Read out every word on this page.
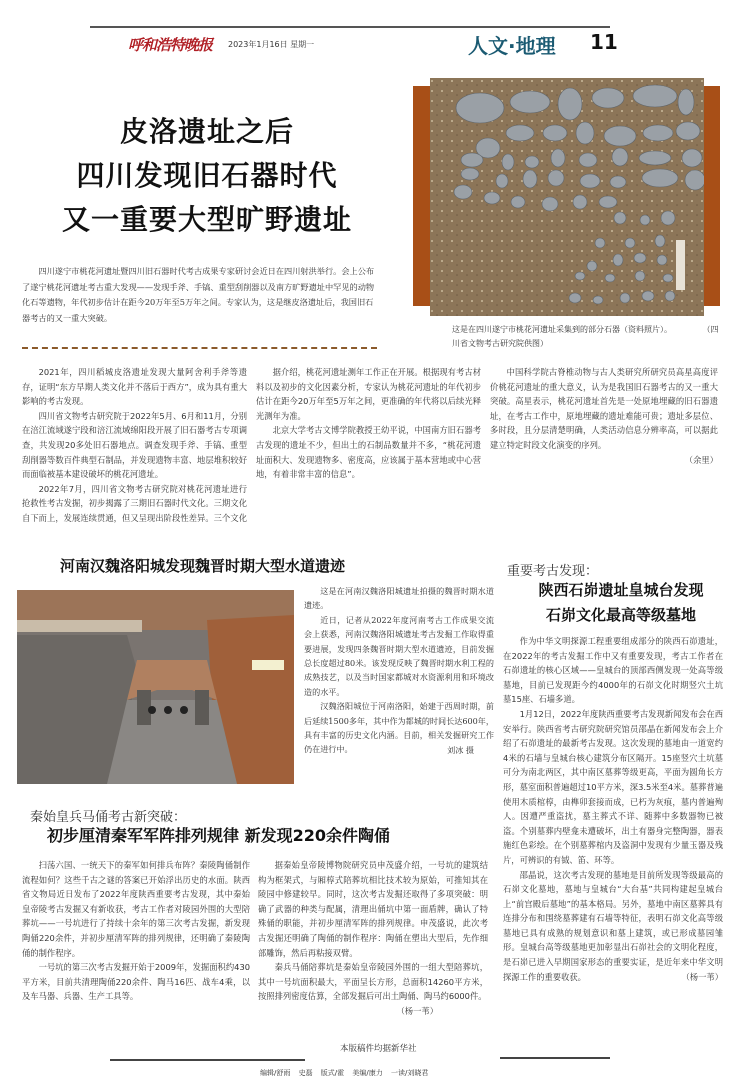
呼和浩特晚报 2023年1月16日 星期一	人文·地理 11
皮洛遗址之后
四川发现旧石器时代
又一重要大型旷野遗址
四川遂宁市桃花河遗址暨四川旧石器时代考古成果专家研讨会近日在四川射洪举行。会上公布了遂宁桃花河遗址考古重大发现——发现手斧、手镐、重型刮削器以及南方旷野遗址中罕见的动物化石等遗物，年代初步估计在距今20万年至5万年之间。专家认为，这是继皮洛遗址后，我国旧石器考古的又一重大突破。
这是在四川遂宁市桃花河遗址采集到的部分石器（资料照片）。	（四川省文物考古研究院供图）

2021年，四川稻城皮洛遗址发现大量阿舍利手斧等遗存，证明“东方早期人类文化并不落后于西方”，成为具有重大影响的考古发现。

四川省文物考古研究院于2022年5月、6月和11月，分别在涪江流域遂宁段和涪江流域绵阳段开展了旧石器考古专项调查，共发现20多处旧石器地点。调查发现手斧、手镐、重型刮削器等数百件典型石制品，并发现遗物丰富、地层堆积较好而面临被基本建设破坏的桃花河遗址。

2022年7月，四川省文物考古研究院对桃花河遗址进行抢救性考古发掘，初步揭露了三期旧石器时代文化。三期文化自下而上，发展连续贯通，但又呈现出阶段性差异。三个文化

据介绍，桃花河遗址测年工作正在开展。根据现有考古材料以及初步的文化因素分析，专家认为桃花河遗址的年代初步估计在距今20万年至5万年之间，更准确的年代将以后续光释光测年为准。

北京大学考古文博学院教授王幼平说，中国南方旧石器考古发现的遗址不少，但出土的石制品数量并不多，“桃花河遗址面积大、发现遗物多、密度高，应该属于基本营地或中心营地，有着非常丰富的信息”。

中国科学院古脊椎动物与古人类研究所研究员高星高度评价桃花河遗址的重大意义，认为是我国旧石器考古的又一重大突破。高星表示，桃花河遗址首先是一处原地埋藏的旧石器遗址，在考古工作中，原地埋藏的遗址难能可贵；遗址多层位、多时段，且分层清楚明确，人类活动信息分辨率高，可以据此建立特定时段文化演变的序列。

（余里）
河南汉魏洛阳城发现魏晋时期大型水道遗迹

这是在河南汉魏洛阳城遗址拍摄的魏晋时期水道遗迹。

近日，记者从2022年度河南考古工作成果交流会上获悉，河南汉魏洛阳城遗址考古发掘工作取得重要进展，发现四条魏晋时期大型水道遗迹，目前发掘总长度超过80米。该发现反映了魏晋时期水利工程的成熟技艺，以及当时国家都城对水资源利用和环境改造的水平。

汉魏洛阳城位于河南洛阳，始建于西周时期，前后延续1500多年，其中作为都城的时间长达600年，具有丰富的历史文化内涵。目前，相关发掘研究工作仍在进行中。	刘冰 摄
重要考古发现：
陕西石峁遗址皇城台发现
石峁文化最高等级墓地

作为中华文明探源工程重要组成部分的陕西石峁遗址，在2022年的考古发掘工作中又有重要发现，考古工作者在石峁遗址的核心区域——皇城台的顶部西侧发现一处高等级墓地，目前已发现距今约4000年的石峁文化时期竖穴土坑墓15座、石墙多道。

1月12日，2022年度陕西重要考古发现新闻发布会在西安举行。陕西省考古研究院研究馆员邵晶在新闻发布会上介绍了石峁遗址的最新考古发现。这次发现的墓地由一道宽约4米的石墙与皇城台核心建筑分布区隔开。15座竖穴土坑墓可分为南北两区，其中南区墓葬等级更高，平面为圆角长方形，墓室面积普遍超过10平方米，深3.5米至4米。墓葬普遍使用木质棺椁，由榫卯套接而成，已朽为灰痕，墓内普遍殉人。因遭严重盗扰，墓主葬式不详、随葬中多数器物已被盗。个别墓葬内壁龛未遭破坏，出土有器身完整陶器，器表施红色彩绘。在个别墓葬棺内及盗洞中发现有少量玉器及残片，可辨识的有钺、笛、环等。

邵晶说，这次考古发现的墓地是目前所发现等级最高的石峁文化墓地，墓地与皇城台“大台基”共同构建起皇城台上“前宫殿后墓地”的基本格局。另外，墓地中南区墓葬具有连排分布和围绕墓葬建有石墙等特征，表明石峁文化高等级墓地已具有成熟的规划意识和墓上建筑，或已形成墓园雏形。皇城台高等级墓地更加彰显出石峁社会的文明化程度，是石峁已进入早期国家形态的重要实证，是近年来中华文明探源工作的重要收获。	（杨一苇）
秦始皇兵马俑考古新突破：
初步厘清秦军军阵排列规律 新发现220余件陶俑

扫荡六国、一统天下的秦军如何排兵布阵？秦陵陶俑制作流程如何？这些千古之谜的答案已开始浮出历史的水面。陕西省文物局近日发布了2022年度陕西重要考古发现，其中秦始皇帝陵考古发掘又有新收获，考古工作者对陵园外围的大型陪葬坑——一号坑进行了持续十余年的第三次考古发掘，新发现陶俑220余件，并初步厘清军阵的排列规律，还明确了秦陵陶俑的制作程序。

一号坑的第三次考古发掘开始于2009年，发掘面积约430平方米，目前共清理陶俑220余件、陶马16匹、战车4乘，以及车马器、兵器、生产工具等。

据秦始皇帝陵博物院研究员申茂盛介绍，一号坑的建筑结构为框架式，与厢椁式陪葬坑相比技术较为原始，可推知其在陵园中修建较早。同时，这次考古发掘还取得了多项突破：明确了武器的种类与配属，清理出俑坑中第一面盾牌，确认了特殊俑的职能，并初步厘清军阵的排列规律。申茂盛说，此次考古发掘还明确了陶俑的制作程序：陶俑在塑出大型后，先作细部雕饰，然后再粘接双臂。

秦兵马俑陪葬坑是秦始皇帝陵园外围的一组大型陪葬坑，其中一号坑面积最大，平面呈长方形，总面积14260平方米，按照排列密度估算，全部发掘后可出土陶俑、陶马约6000件。

（杨一苇）
本版稿件均据新华社
编辑/舒雨 史磊 版式/霍 美编/康力 一读/刘晓君
